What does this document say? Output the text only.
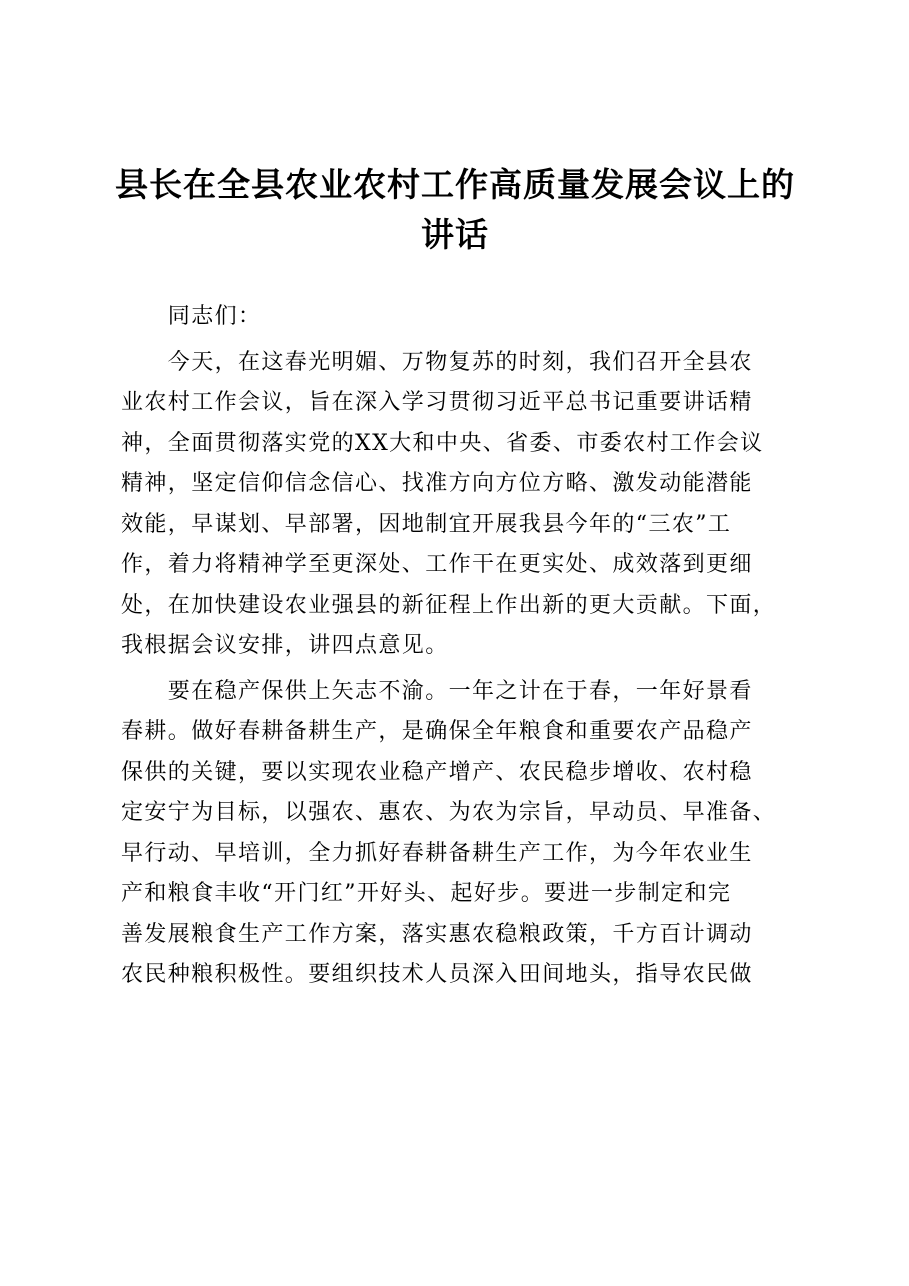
县长在全县农业农村工作高质量发展会议上的
讲话
　　同志们：
　　今天，在这春光明媚、万物复苏的时刻，我们召开全县农
业农村工作会议，旨在深入学习贯彻习近平总书记重要讲话精
神，全面贯彻落实党的XX大和中央、省委、市委农村工作会议
精神，坚定信仰信念信心、找准方向方位方略、激发动能潜能
效能，早谋划、早部署，因地制宜开展我县今年的“三农”工
作，着力将精神学至更深处、工作干在更实处、成效落到更细
处，在加快建设农业强县的新征程上作出新的更大贡献。下面，
我根据会议安排，讲四点意见。
　　要在稳产保供上矢志不渝。一年之计在于春，一年好景看
春耕。做好春耕备耕生产，是确保全年粮食和重要农产品稳产
保供的关键，要以实现农业稳产增产、农民稳步增收、农村稳
定安宁为目标，以强农、惠农、为农为宗旨，早动员、早准备、
早行动、早培训，全力抓好春耕备耕生产工作，为今年农业生
产和粮食丰收“开门红”开好头、起好步。要进一步制定和完
善发展粮食生产工作方案，落实惠农稳粮政策，千方百计调动
农民种粮积极性。要组织技术人员深入田间地头，指导农民做
